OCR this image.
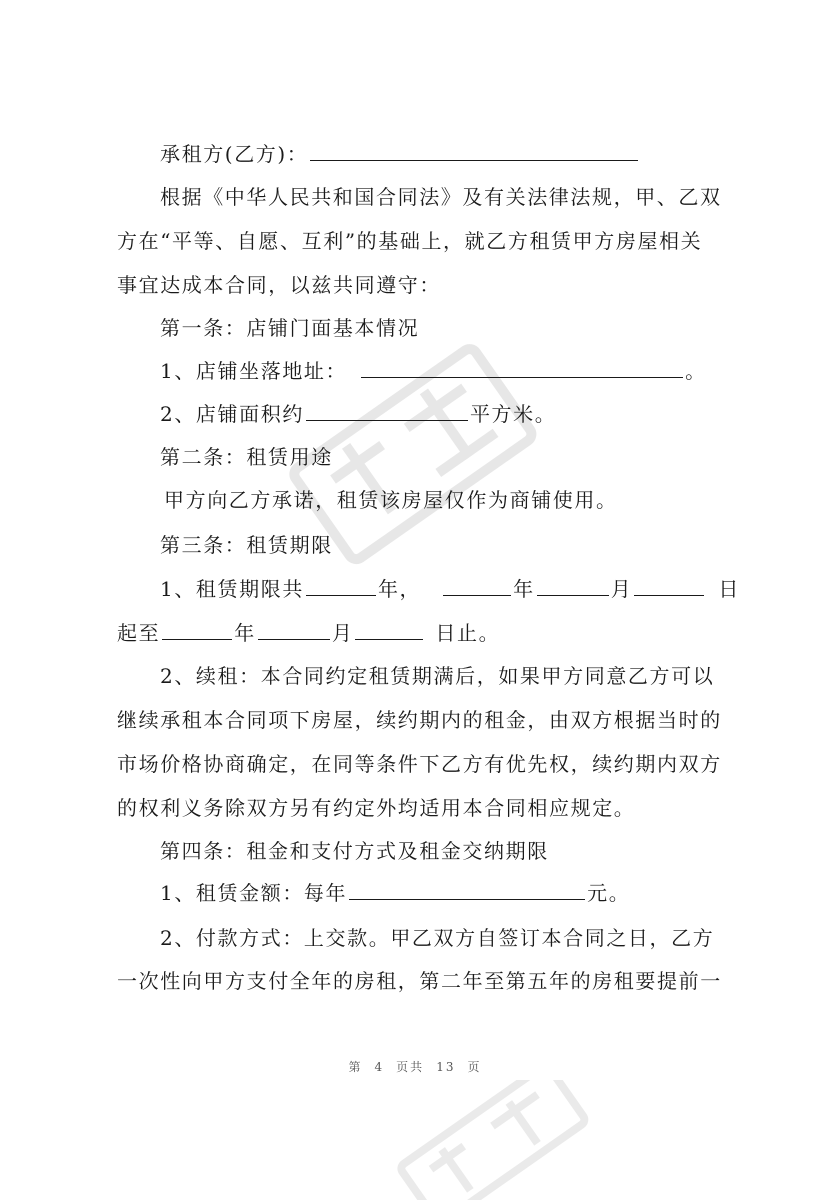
承租方(乙方)：
根据《中华人民共和国合同法》及有关法律法规，甲、乙双
方在“平等、自愿、互利”的基础上，就乙方租赁甲方房屋相关
事宜达成本合同，以兹共同遵守：
第一条：店铺门面基本情况
1、店铺坐落地址：	。
2、店铺面积约	平方米。
第二条：租赁用途
甲方向乙方承诺，租赁该房屋仅作为商铺使用。
第三条：租赁期限
1、租赁期限共	年，	年	月	日
起至	年	月	日止。
2、续租：本合同约定租赁期满后，如果甲方同意乙方可以
继续承租本合同项下房屋，续约期内的租金，由双方根据当时的
市场价格协商确定，在同等条件下乙方有优先权，续约期内双方
的权利义务除双方另有约定外均适用本合同相应规定。
第四条：租金和支付方式及租金交纳期限
1、租赁金额：每年	元。
2、付款方式：上交款。甲乙双方自签订本合同之日，乙方
一次性向甲方支付全年的房租，第二年至第五年的房租要提前一
第 4 页共 13 页
